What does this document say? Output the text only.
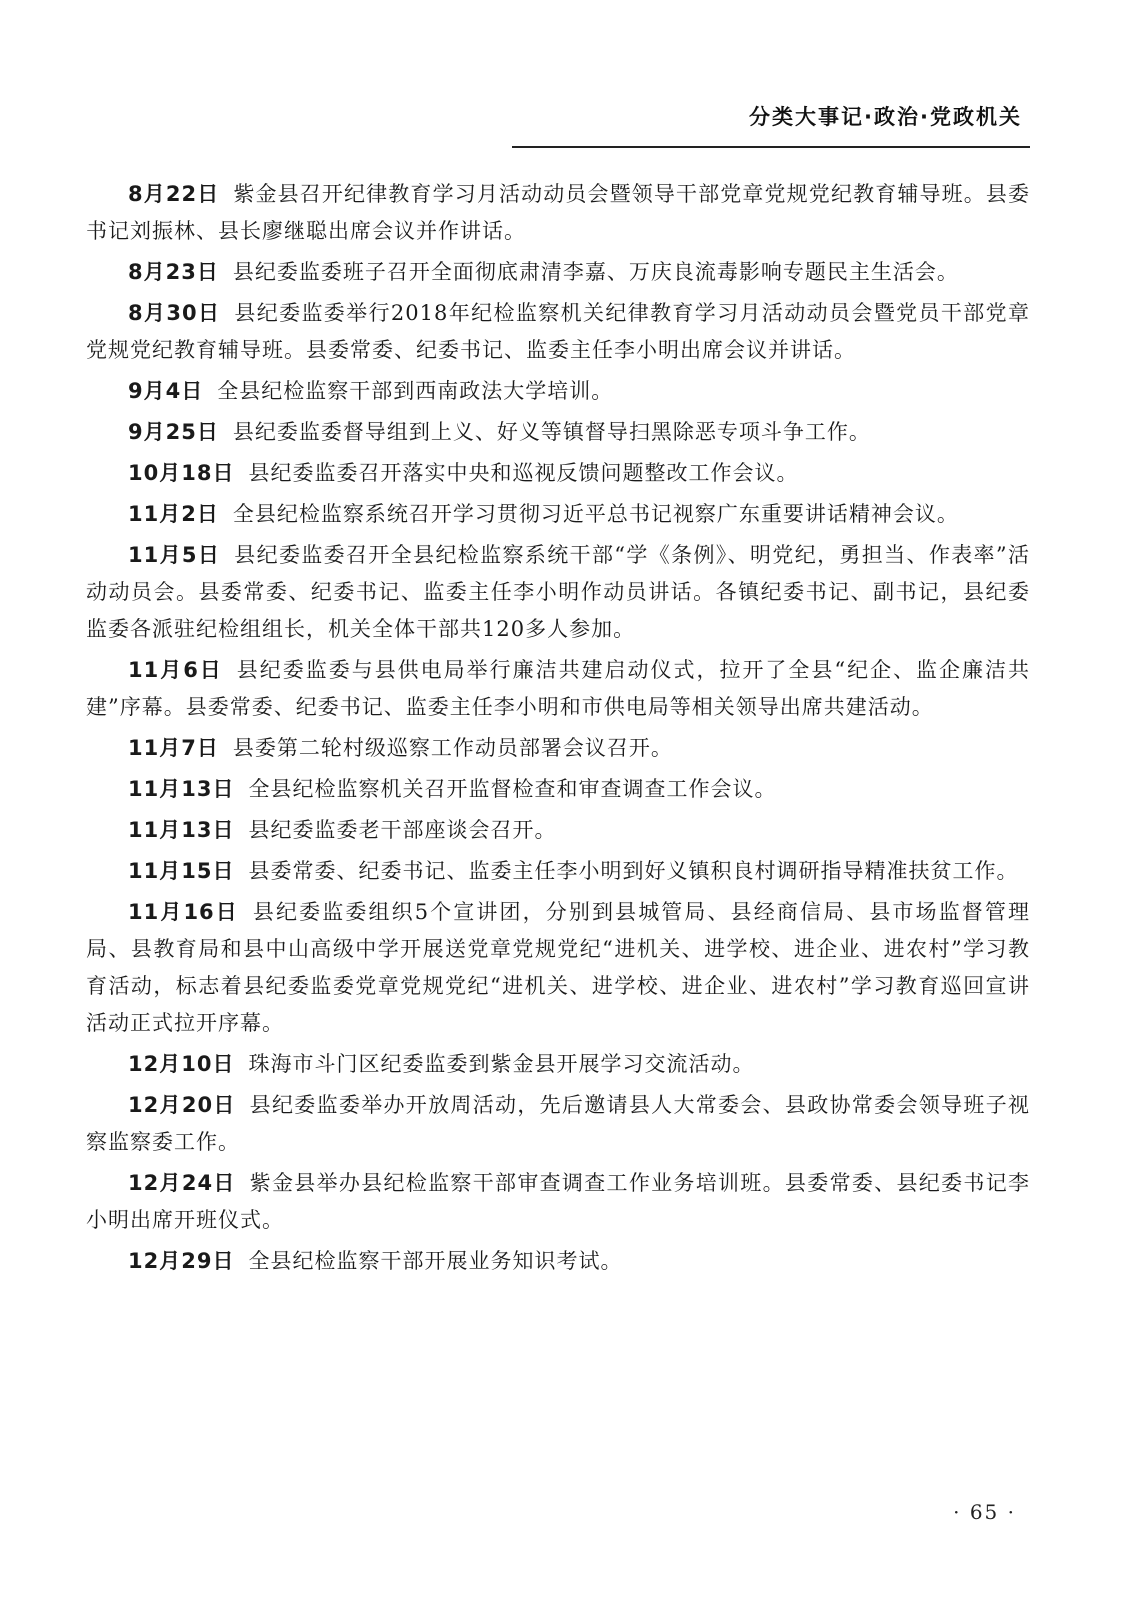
分类大事记·政治·党政机关

8月22日 紫金县召开纪律教育学习月活动动员会暨领导干部党章党规党纪教育辅导班。县委书记刘振林、县长廖继聪出席会议并作讲话。

8月23日 县纪委监委班子召开全面彻底肃清李嘉、万庆良流毒影响专题民主生活会。

8月30日 县纪委监委举行2018年纪检监察机关纪律教育学习月活动动员会暨党员干部党章党规党纪教育辅导班。县委常委、纪委书记、监委主任李小明出席会议并讲话。

9月4日 全县纪检监察干部到西南政法大学培训。

9月25日 县纪委监委督导组到上义、好义等镇督导扫黑除恶专项斗争工作。

10月18日 县纪委监委召开落实中央和巡视反馈问题整改工作会议。

11月2日 全县纪检监察系统召开学习贯彻习近平总书记视察广东重要讲话精神会议。

11月5日 县纪委监委召开全县纪检监察系统干部“学《条例》、明党纪，勇担当、作表率”活动动员会。县委常委、纪委书记、监委主任李小明作动员讲话。各镇纪委书记、副书记，县纪委监委各派驻纪检组组长，机关全体干部共120多人参加。

11月6日 县纪委监委与县供电局举行廉洁共建启动仪式，拉开了全县“纪企、监企廉洁共建”序幕。县委常委、纪委书记、监委主任李小明和市供电局等相关领导出席共建活动。

11月7日 县委第二轮村级巡察工作动员部署会议召开。

11月13日 全县纪检监察机关召开监督检查和审查调查工作会议。

11月13日 县纪委监委老干部座谈会召开。

11月15日 县委常委、纪委书记、监委主任李小明到好义镇积良村调研指导精准扶贫工作。

11月16日 县纪委监委组织5个宣讲团，分别到县城管局、县经商信局、县市场监督管理局、县教育局和县中山高级中学开展送党章党规党纪“进机关、进学校、进企业、进农村”学习教育活动，标志着县纪委监委党章党规党纪“进机关、进学校、进企业、进农村”学习教育巡回宣讲活动正式拉开序幕。

12月10日 珠海市斗门区纪委监委到紫金县开展学习交流活动。

12月20日 县纪委监委举办开放周活动，先后邀请县人大常委会、县政协常委会领导班子视察监察委工作。

12月24日 紫金县举办县纪检监察干部审查调查工作业务培训班。县委常委、县纪委书记李小明出席开班仪式。

12月29日 全县纪检监察干部开展业务知识考试。

· 65 ·
